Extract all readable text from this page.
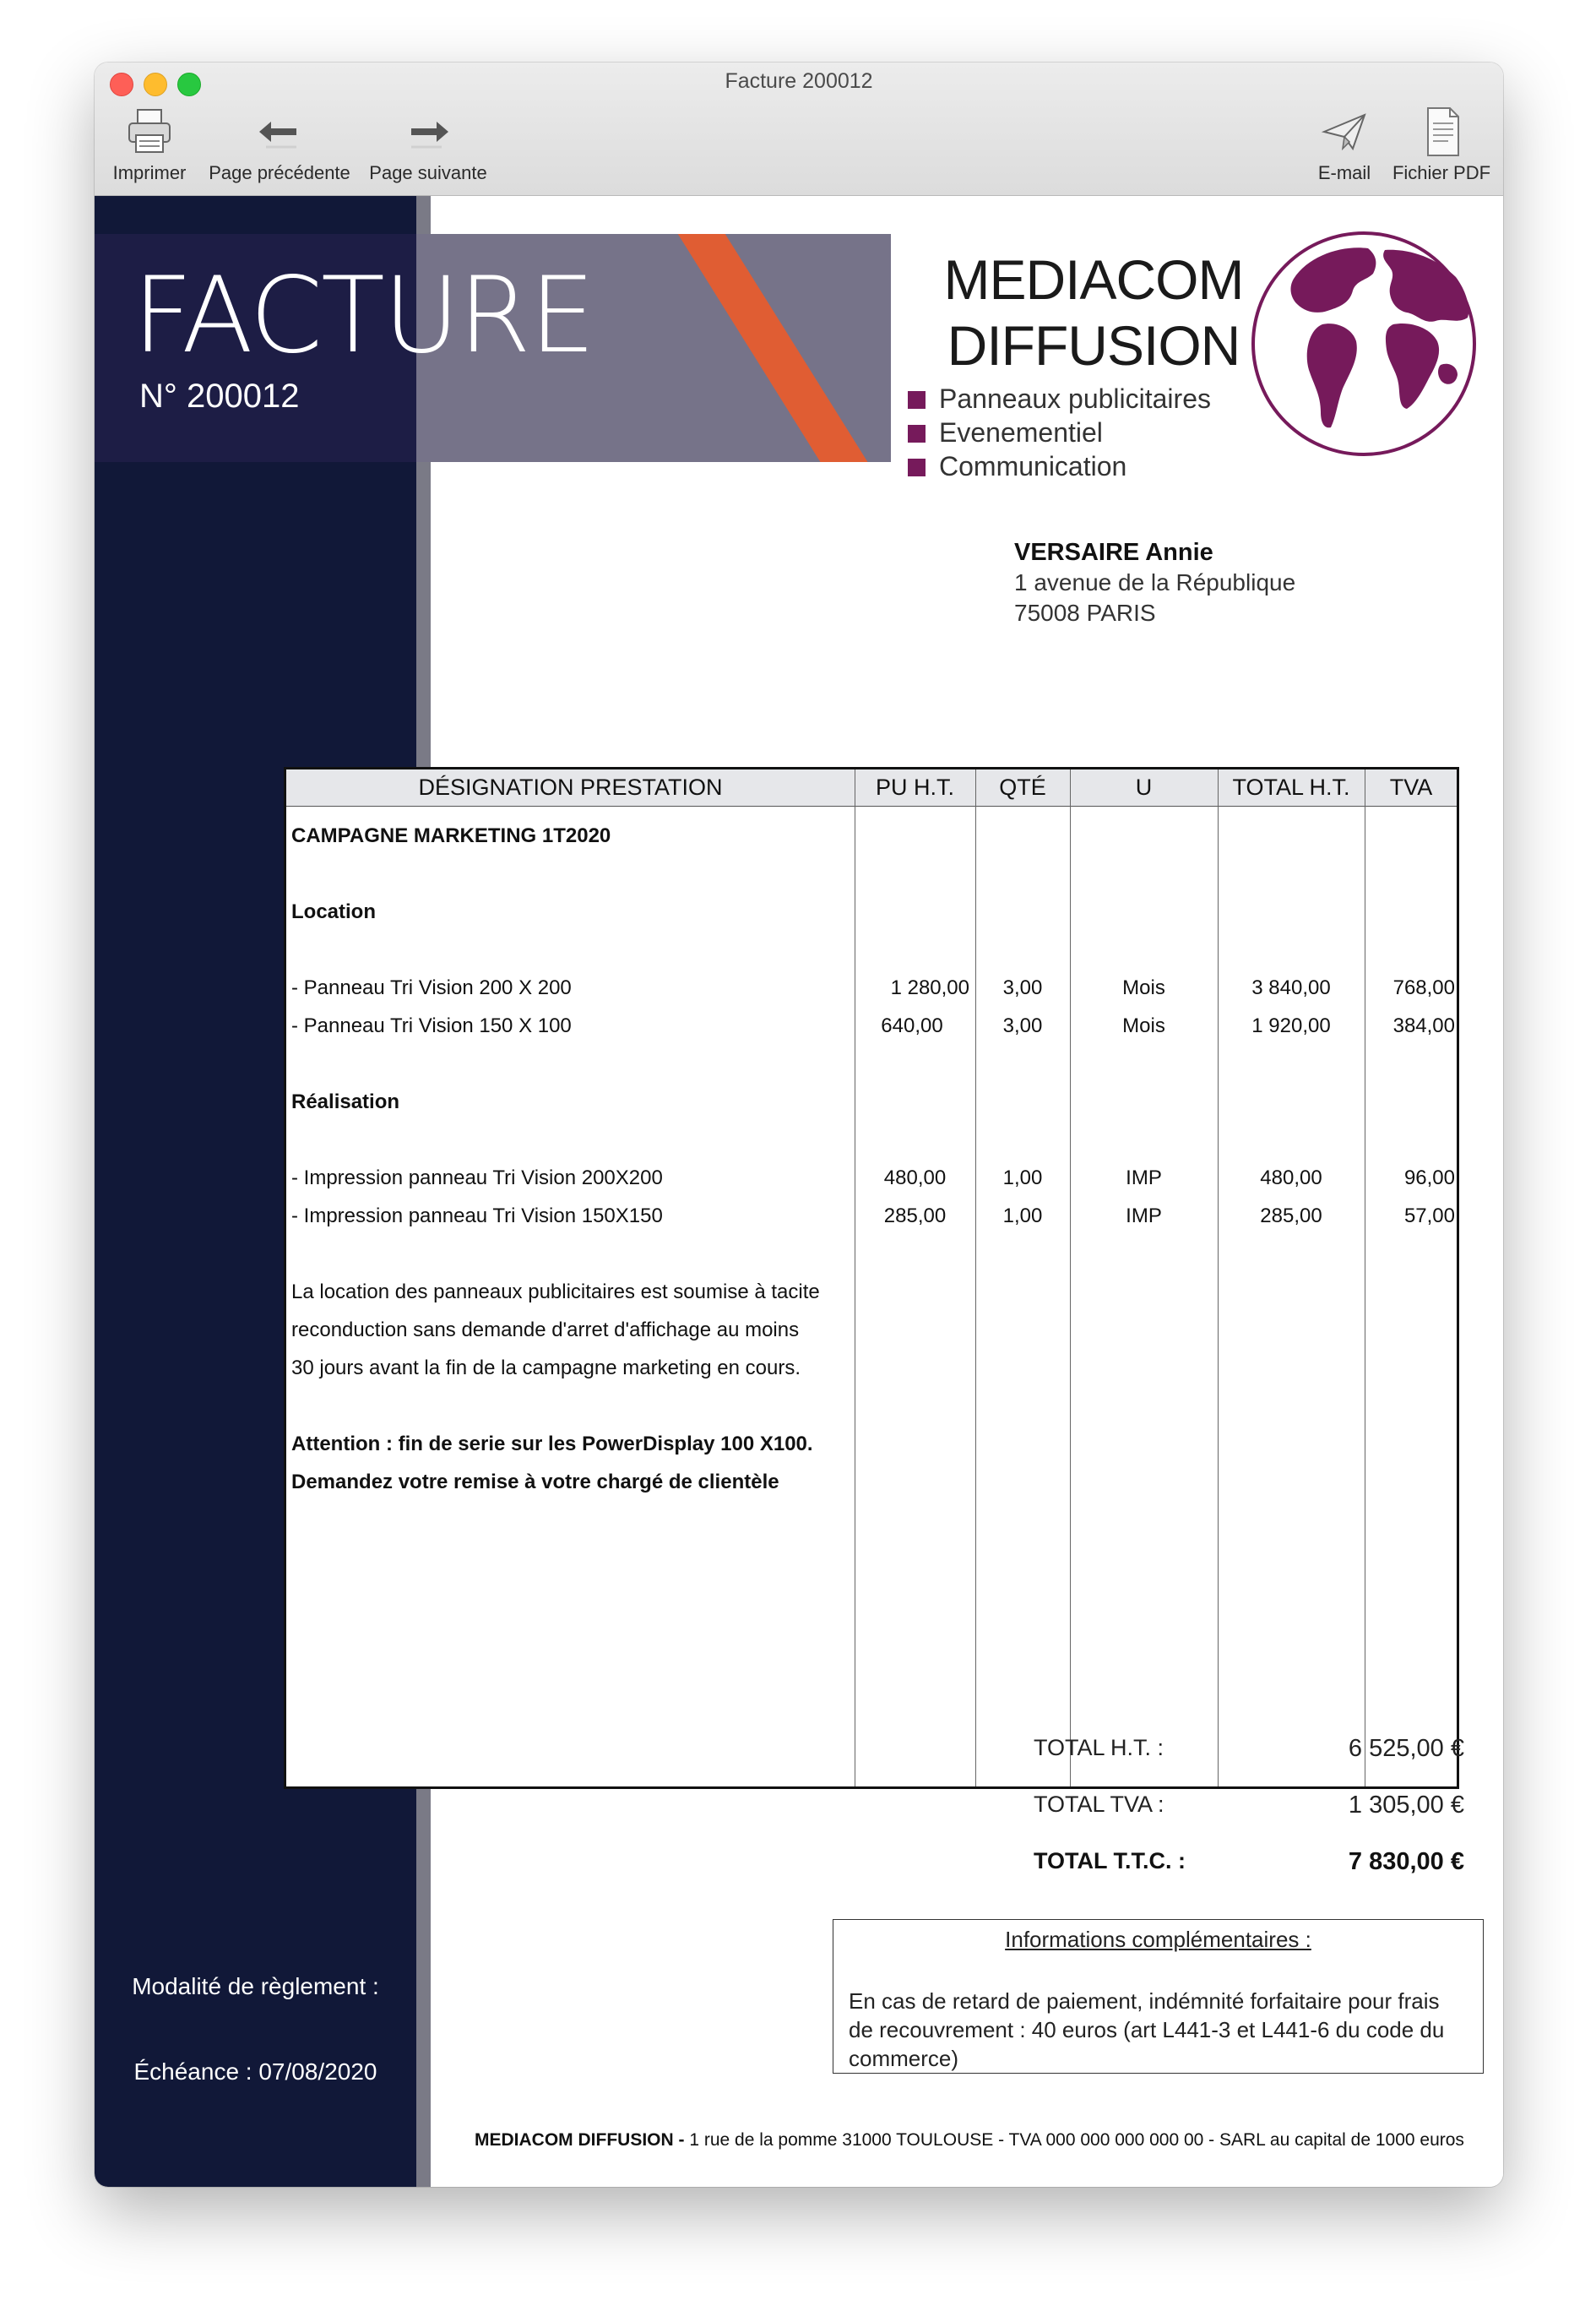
Facture 200012
Imprimer	Page précédente	Page suivante	E-mail	Fichier PDF
FACTURE
N° 200012
MEDIACOM
DIFFUSION
Panneaux publicitaires
Evenementiel
Communication
VERSAIRE Annie
1 avenue de la République
75008 PARIS
DÉSIGNATION PRESTATION	PU H.T.	QTÉ	U	TOTAL H.T.	TVA
CAMPAGNE MARKETING 1T2020
Location
- Panneau Tri Vision 200 X 200	1 280,00	3,00	Mois	3 840,00	768,00
- Panneau Tri Vision 150 X 100	640,00	3,00	Mois	1 920,00	384,00
Réalisation
- Impression panneau Tri Vision 200X200	480,00	1,00	IMP	480,00	96,00
- Impression panneau Tri Vision 150X150	285,00	1,00	IMP	285,00	57,00
La location des panneaux publicitaires est soumise à tacite
reconduction sans demande d'arret d'affichage au moins
30 jours avant la fin de la campagne marketing en cours.
Attention : fin de serie sur les PowerDisplay 100 X100.
Demandez votre remise à votre chargé de clientèle
TOTAL H.T. :	6 525,00 €
TOTAL TVA :	1 305,00 €
TOTAL T.T.C. :	7 830,00 €
Informations complémentaires :
En cas de retard de paiement, indémnité forfaitaire pour frais de recouvrement : 40 euros (art L441-3 et L441-6 du code du commerce)
Modalité de règlement :
Échéance : 07/08/2020
MEDIACOM DIFFUSION - 1 rue de la pomme 31000 TOULOUSE - TVA 000 000 000 000 00 - SARL au capital de 1000 euros
